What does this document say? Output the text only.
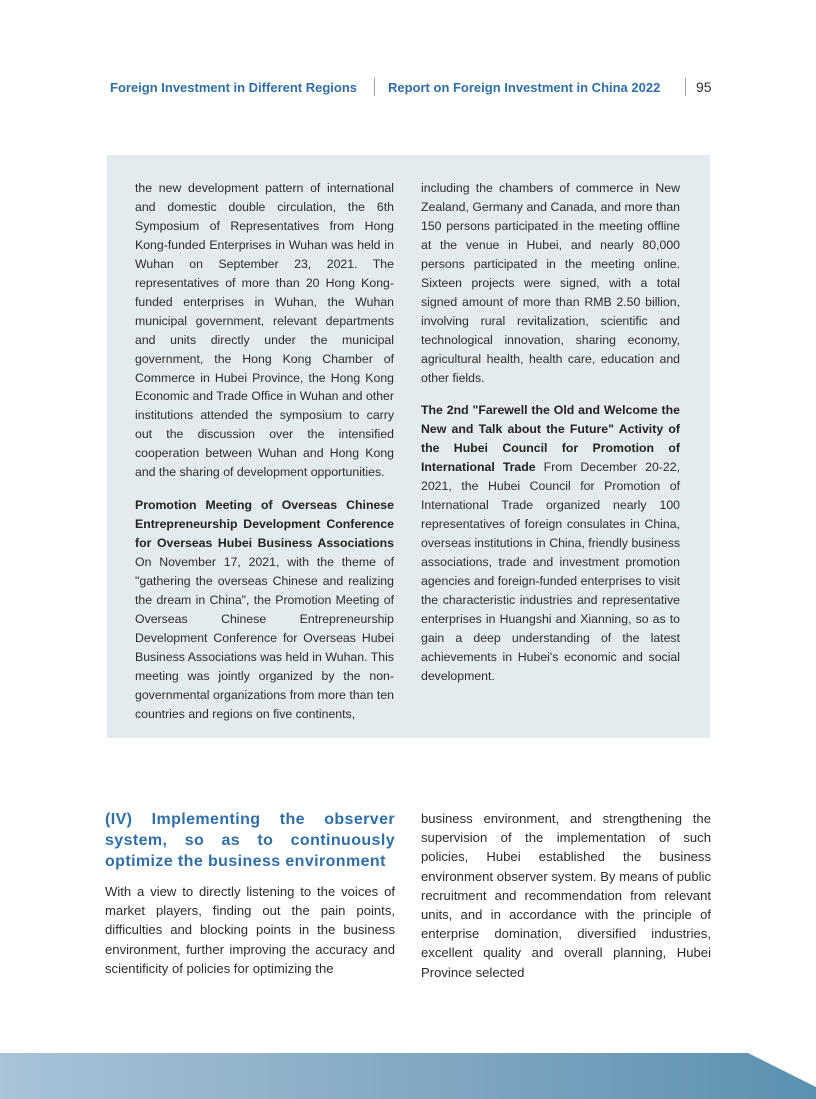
Foreign Investment in Different Regions Report on Foreign Investment in China 2022	95

the new development pattern of international and domestic double circulation, the 6th Symposium of Representatives from Hong Kong-funded Enterprises in Wuhan was held in Wuhan on September 23, 2021. The representatives of more than 20 Hong Kong-funded enterprises in Wuhan, the Wuhan municipal government, relevant departments and units directly under the municipal government, the Hong Kong Chamber of Commerce in Hubei Province, the Hong Kong Economic and Trade Office in Wuhan and other institutions attended the symposium to carry out the discussion over the intensified cooperation between Wuhan and Hong Kong and the sharing of development opportunities.

Promotion Meeting of Overseas Chinese Entrepreneurship Development Conference for Overseas Hubei Business Associations On November 17, 2021, with the theme of "gathering the overseas Chinese and realizing the dream in China", the Promotion Meeting of Overseas Chinese Entrepreneurship Development Conference for Overseas Hubei Business Associations was held in Wuhan. This meeting was jointly organized by the non-governmental organizations from more than ten countries and regions on five continents,

including the chambers of commerce in New Zealand, Germany and Canada, and more than 150 persons participated in the meeting offline at the venue in Hubei, and nearly 80,000 persons participated in the meeting online. Sixteen projects were signed, with a total signed amount of more than RMB 2.50 billion, involving rural revitalization, scientific and technological innovation, sharing economy, agricultural health, health care, education and other fields.

The 2nd "Farewell the Old and Welcome the New and Talk about the Future" Activity of the Hubei Council for Promotion of International Trade From December 20-22, 2021, the Hubei Council for Promotion of International Trade organized nearly 100 representatives of foreign consulates in China, overseas institutions in China, friendly business associations, trade and investment promotion agencies and foreign-funded enterprises to visit the characteristic industries and representative enterprises in Huangshi and Xianning, so as to gain a deep understanding of the latest achievements in Hubei's economic and social development.

(IV) Implementing the observer system, so as to continuously optimize the business environment

With a view to directly listening to the voices of market players, finding out the pain points, difficulties and blocking points in the business environment, further improving the accuracy and scientificity of policies for optimizing the

business environment, and strengthening the supervision of the implementation of such policies, Hubei established the business environment observer system. By means of public recruitment and recommendation from relevant units, and in accordance with the principle of enterprise domination, diversified industries, excellent quality and overall planning, Hubei Province selected
